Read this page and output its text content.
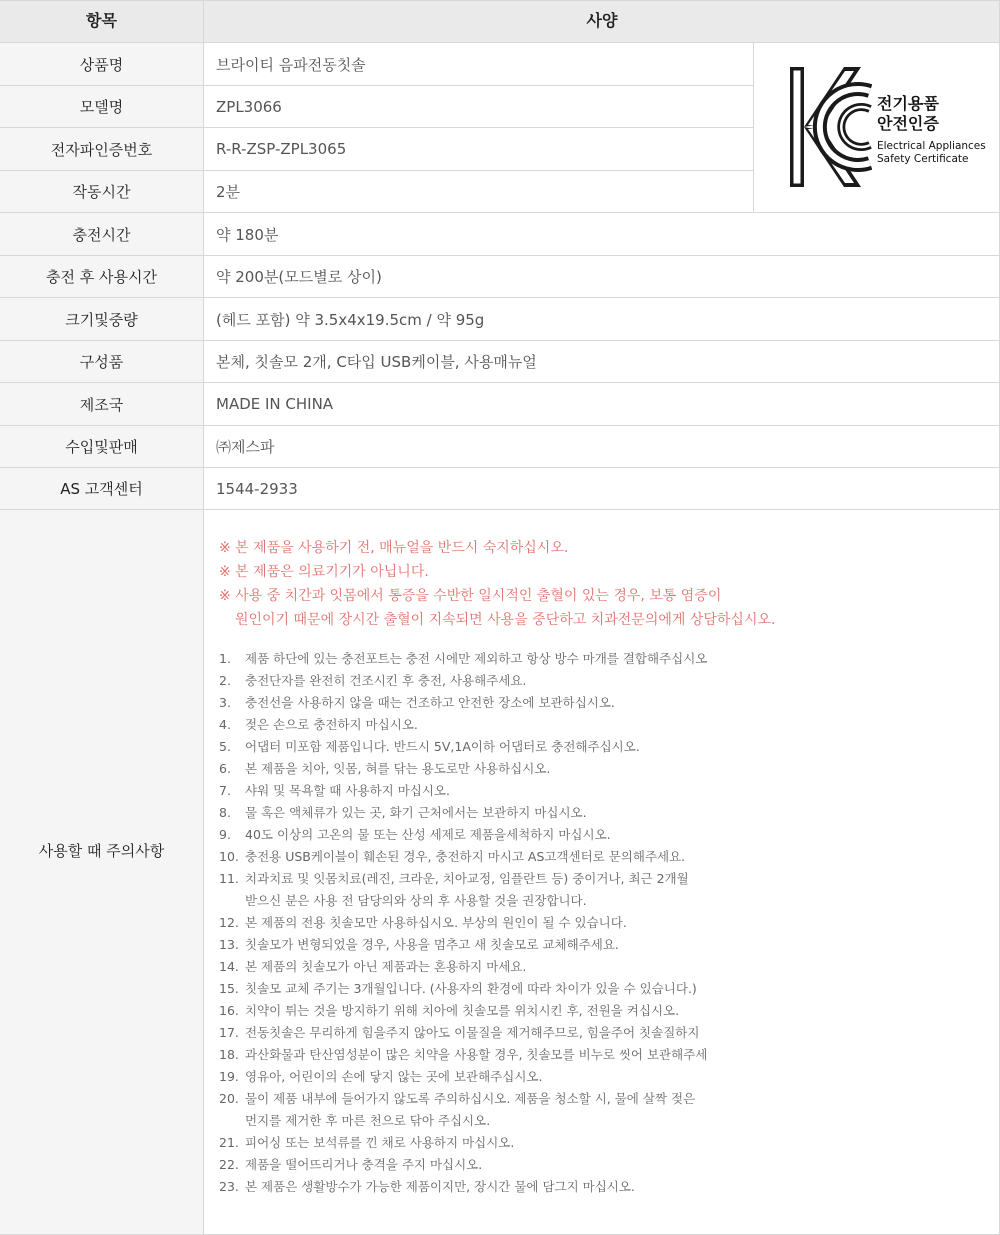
항목	사양
상품명	브라이티 음파전동칫솔
모델명	ZPL3066
전자파인증번호	R-R-ZSP-ZPL3065
작동시간	2분
충전시간	약 180분
충전 후 사용시간	약 200분(모드별로 상이)
크기및중량	(헤드 포함) 약 3.5x4x19.5cm / 약 95g
구성품	본체, 칫솔모 2개, C타입 USB케이블, 사용매뉴얼
제조국	MADE IN CHINA
수입및판매	㈜제스파
AS 고객센터	1544-2933
전기용품
안전인증
Electrical Appliances
Safety Certificate
사용할 때 주의사항
※ 본 제품을 사용하기 전, 매뉴얼을 반드시 숙지하십시오.
※ 본 제품은 의료기기가 아닙니다.
※ 사용 중 치간과 잇몸에서 통증을 수반한 일시적인 출혈이 있는 경우, 보통 염증이
원인이기 때문에 장시간 출혈이 지속되면 사용을 중단하고 치과전문의에게 상담하십시오.
1. 제품 하단에 있는 충전포트는 충전 시에만 제외하고 항상 방수 마개를 결합해주십시오
2. 충전단자를 완전히 건조시킨 후 충전, 사용해주세요.
3. 충전선을 사용하지 않을 때는 건조하고 안전한 장소에 보관하십시오.
4. 젖은 손으로 충전하지 마십시오.
5. 어댑터 미포함 제품입니다. 반드시 5V,1A이하 어댑터로 충전해주십시오.
6. 본 제품을 치아, 잇몸, 혀를 닦는 용도로만 사용하십시오.
7. 샤워 및 목욕할 때 사용하지 마십시오.
8. 물 혹은 액체류가 있는 곳, 화기 근처에서는 보관하지 마십시오.
9. 40도 이상의 고온의 물 또는 산성 세제로 제품을세척하지 마십시오.
10. 충전용 USB케이블이 훼손된 경우, 충전하지 마시고 AS고객센터로 문의해주세요.
11. 치과치료 및 잇몸치료(레진, 크라운, 치아교정, 임플란트 등) 중이거나, 최근 2개월
받으신 분은 사용 전 담당의와 상의 후 사용할 것을 권장합니다.
12. 본 제품의 전용 칫솔모만 사용하십시오. 부상의 원인이 될 수 있습니다.
13. 칫솔모가 변형되었을 경우, 사용을 멈추고 새 칫솔모로 교체해주세요.
14. 본 제품의 칫솔모가 아닌 제품과는 혼용하지 마세요.
15. 칫솔모 교체 주기는 3개월입니다. (사용자의 환경에 따라 차이가 있을 수 있습니다.)
16. 치약이 튀는 것을 방지하기 위해 치아에 칫솔모를 위치시킨 후, 전원을 켜십시오.
17. 전동칫솔은 무리하게 힘을주지 않아도 이물질을 제거해주므로, 힘을주어 칫솔질하지
18. 과산화물과 탄산염성분이 많은 치약을 사용할 경우, 칫솔모를 비누로 씻어 보관해주세
19. 영유아, 어린이의 손에 닿지 않는 곳에 보관해주십시오.
20. 물이 제품 내부에 들어가지 않도록 주의하십시오. 제품을 청소할 시, 물에 살짝 젖은
먼지를 제거한 후 마른 천으로 닦아 주십시오.
21. 피어싱 또는 보석류를 낀 채로 사용하지 마십시오.
22. 제품을 떨어뜨리거나 충격을 주지 마십시오.
23. 본 제품은 생활방수가 가능한 제품이지만, 장시간 물에 담그지 마십시오.
